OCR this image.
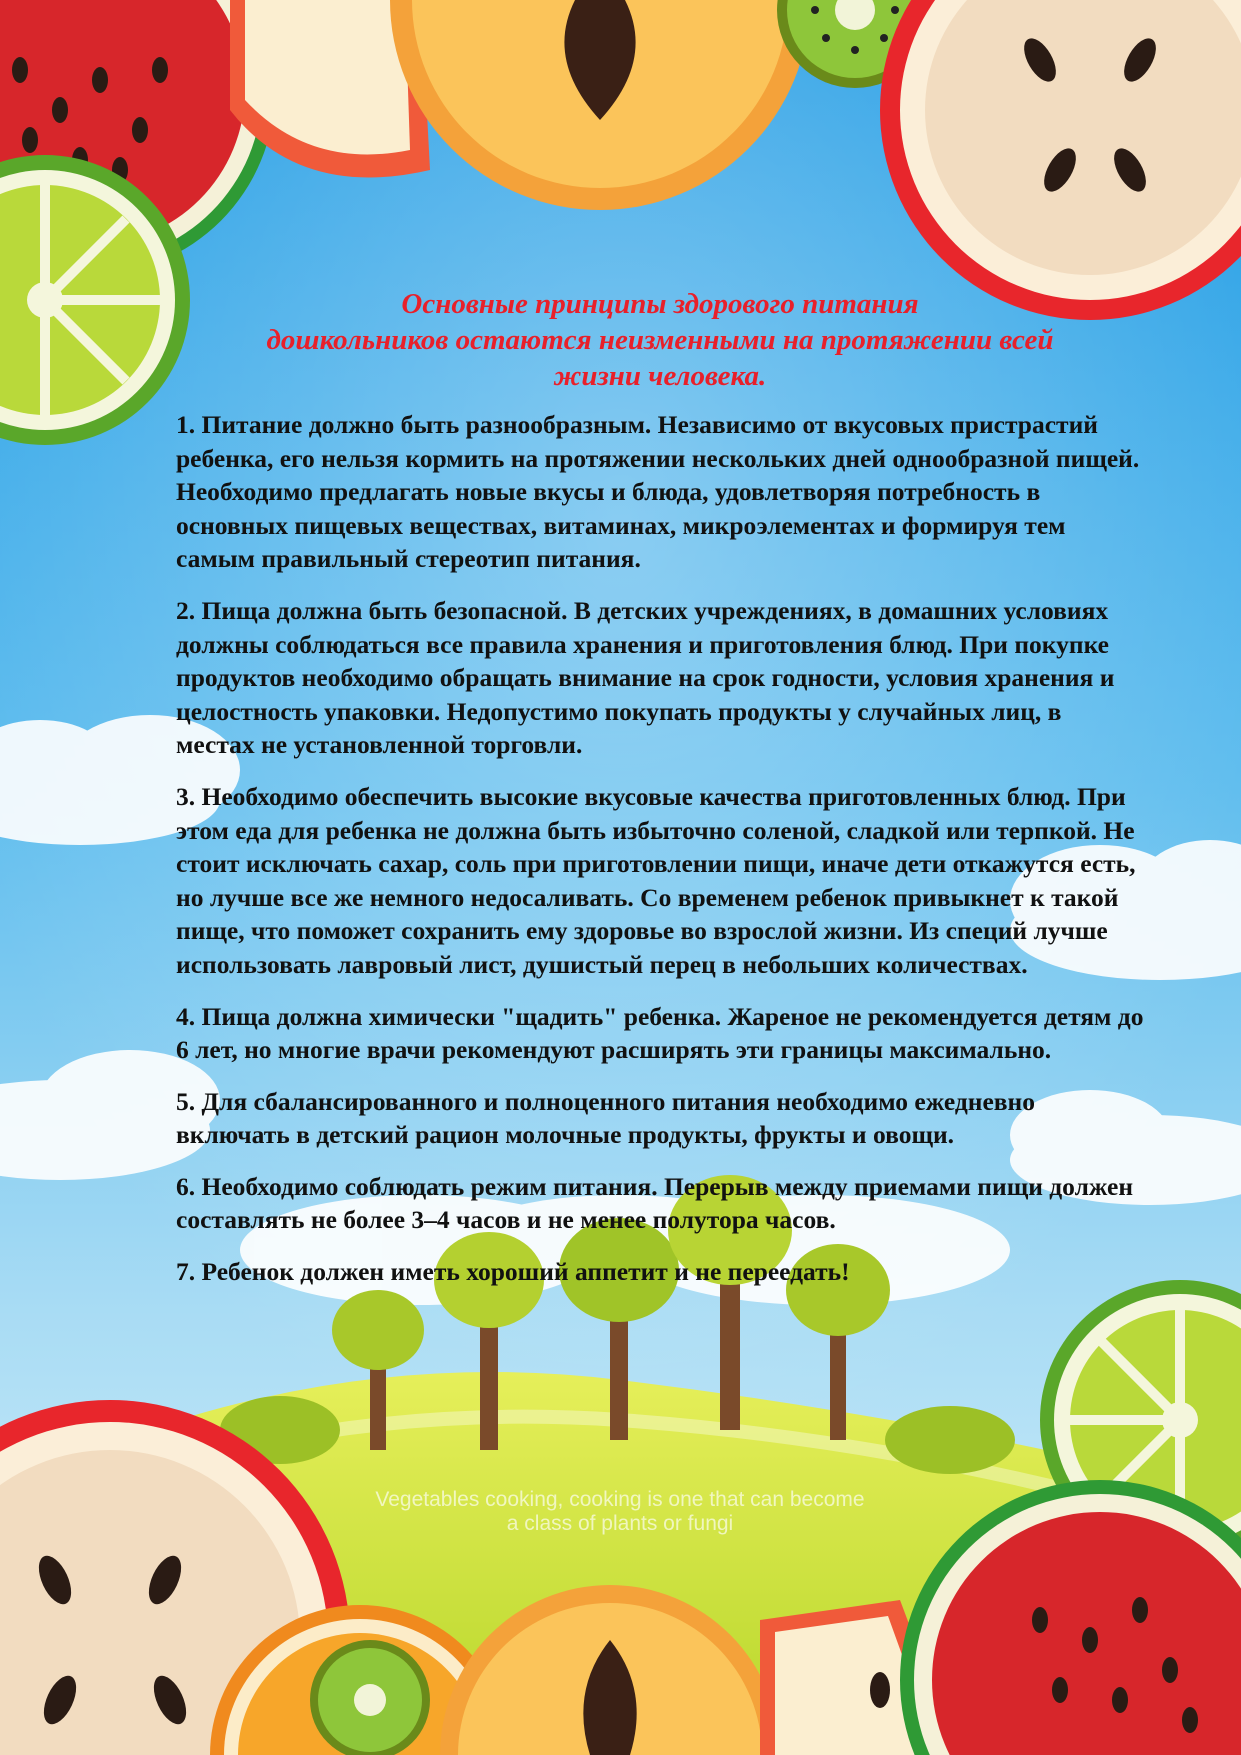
Vegetables cooking, cooking is one that can become
a class of plants or fungi
Основные принципы здорового питания
дошкольников остаются неизменными на протяжении всей
жизни человека.

1. Питание должно быть разнообразным. Независимо от вкусовых пристрастий ребенка, его нельзя кормить на протяжении нескольких дней однообразной пищей. Необходимо предлагать новые вкусы и блюда, удовлетворяя потребность в основных пищевых веществах, витаминах, микроэлементах и формируя тем самым правильный стереотип питания.

2. Пища должна быть безопасной. В детских учреждениях, в домашних условиях должны соблюдаться все правила хранения и приготовления блюд. При покупке продуктов необходимо обращать внимание на срок годности, условия хранения и целостность упаковки. Недопустимо покупать продукты у случайных лиц, в местах не установленной торговли.

3. Необходимо обеспечить высокие вкусовые качества приготовленных блюд. При этом еда для ребенка не должна быть избыточно соленой, сладкой или терпкой. Не стоит исключать сахар, соль при приготовлении пищи, иначе дети откажутся есть, но лучше все же немного недосаливать. Со временем ребенок привыкнет к такой пище, что поможет сохранить ему здоровье во взрослой жизни. Из специй лучше использовать лавровый лист, душистый перец в небольших количествах.

4. Пища должна химически "щадить" ребенка. Жареное не рекомендуется детям до 6 лет, но многие врачи рекомендуют расширять эти границы максимально.

5. Для сбалансированного и полноценного питания необходимо ежедневно включать в детский рацион молочные продукты, фрукты и овощи.

6. Необходимо соблюдать режим питания. Перерыв между приемами пищи должен составлять не более 3–4 часов и не менее полутора часов.

7. Ребенок должен иметь хороший аппетит и не переедать!
